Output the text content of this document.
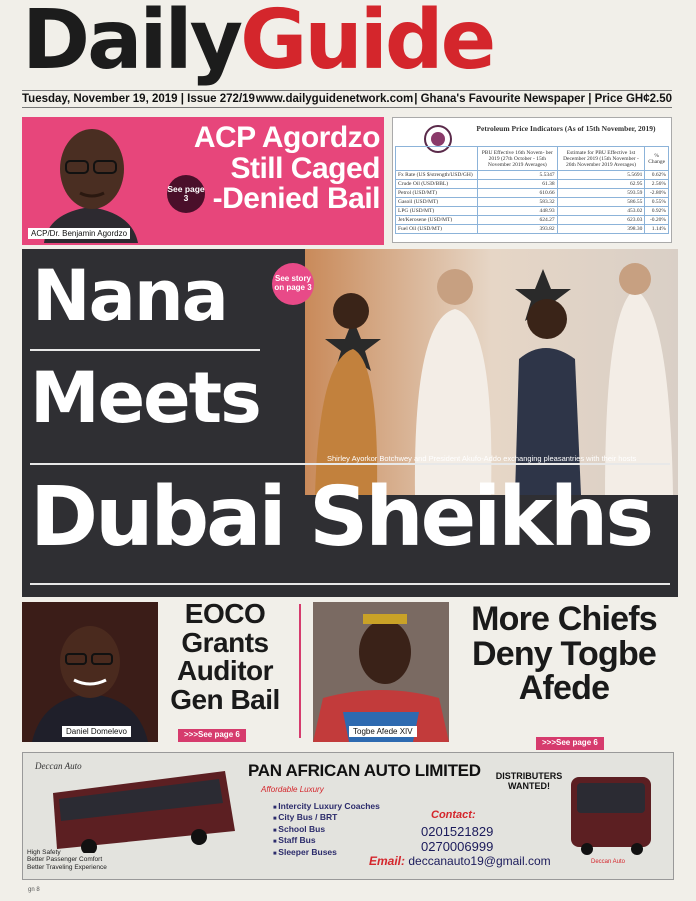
DailyGuide
Tuesday, November 19, 2019 | Issue 272/19 www.dailyguidenetwork.com | Ghana's Favourite Newspaper | Price GH¢2.50
ACP Agordzo
Still Caged
-Denied Bail
See page 3
ACP/Dr. Benjamin Agordzo
Petroleum Price Indicators (As of 15th November, 2019)
	PBU Effective 16th Novem- ber 2019 (27th October - 15th November 2019 Averages)	Estimate for PBU Effective 1st December 2019 (15th November - 26th November 2019 Averages)	% Change
Fx Rate (US $/strength/USD/GH)	5.5347	5.5691	0.62%
Crude Oil (USD/BBL)	61.38	62.95	2.56%
Petrol (USD/MT)	610.66	593.59	-2.80%
Gasoil (USD/MT)	583.32	586.55	0.55%
LPG (USD/MT)	448.93	453.02	0.92%
Jet/Kerosene (USD/MT)	624.27	623.03	-0.20%
Fuel Oil (USD/MT)	393.82	398.30	1.14%
Nana
Meets
Dubai Sheikhs
See story on page 3
Shirley Ayorkor Botchwey and President Akufo-Addo exchanging pleasantries with their hosts
Daniel Domelevo
EOCO
Grants
Auditor
Gen Bail
>>>See page 6	Togbe Afede XIV
More Chiefs
Deny Togbe
Afede
>>>See page 6
Deccan Auto
High Safety
Better Passenger Comfort
Better Traveling Experience
PAN AFRICAN AUTO LIMITED
Affordable Luxury
■ Intercity Luxury Coaches
■ City Bus / BRT
■ School Bus
■ Staff Bus
■ Sleeper Buses
Contact:
0201521829
0270006999
Email: deccanauto19@gmail.com
DISTRIBUTERS WANTED!
Deccan Auto
gn 8
